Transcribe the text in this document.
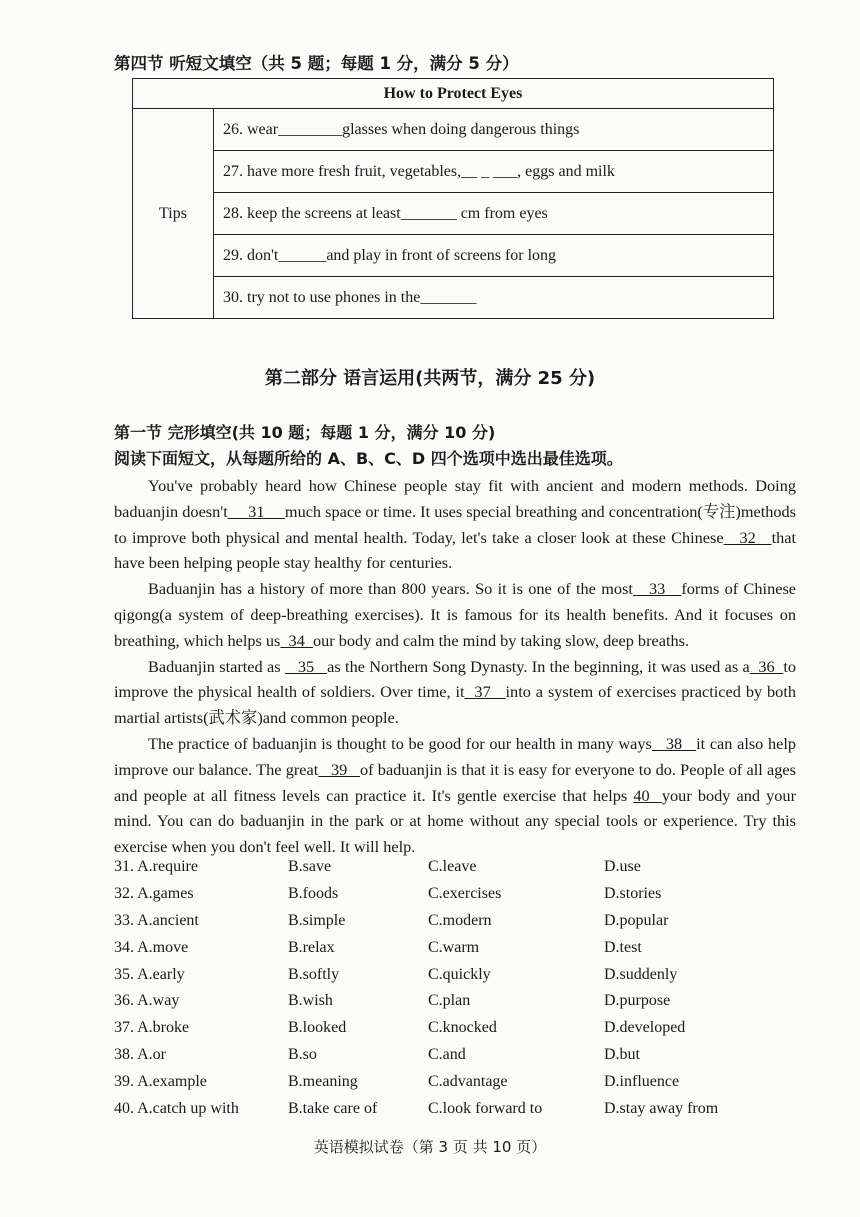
第四节 听短文填空（共 5 题；每题 1 分，满分 5 分）
How to Protect Eyes
Tips	26. wear________glasses when doing dangerous things
27. have more fresh fruit, vegetables,__ _ ___, eggs and milk
28. keep the screens at least_______ cm from eyes
29. don't______and play in front of screens for long
30. try not to use phones in the_______
第二部分 语言运用(共两节，满分 25 分)
第一节 完形填空(共 10 题；每题 1 分，满分 10 分)
阅读下面短文，从每题所给的 A、B、C、D 四个选项中选出最佳选项。

You've probably heard how Chinese people stay fit with ancient and modern methods. Doing baduanjin doesn't     31     much space or time. It uses special breathing and concentration(专注)methods to improve both physical and mental health. Today, let's take a closer look at these Chinese   32   that have been helping people stay healthy for centuries.

Baduanjin has a history of more than 800 years. So it is one of the most   33   forms of Chinese qigong(a system of deep-breathing exercises). It is famous for its health benefits. And it focuses on breathing, which helps us  34  our body and calm the mind by taking slow, deep breaths.

Baduanjin started as    35   as the Northern Song Dynasty. In the beginning, it was used as a  36  to improve the physical health of soldiers. Over time, it  37   into a system of exercises practiced by both martial artists(武术家)and common people.

The practice of baduanjin is thought to be good for our health in many ways   38   it can also help improve our balance. The great   39   of baduanjin is that it is easy for everyone to do. People of all ages and people at all fitness levels can practice it. It's gentle exercise that helps 40  your body and your mind. You can do baduanjin in the park or at home without any special tools or experience. Try this exercise when you don't feel well. It will help.

31. A.require	B.save	C.leave	D.use
32. A.games	B.foods	C.exercises	D.stories
33. A.ancient	B.simple	C.modern	D.popular
34. A.move	B.relax	C.warm	D.test
35. A.early	B.softly	C.quickly	D.suddenly
36. A.way	B.wish	C.plan	D.purpose
37. A.broke	B.looked	C.knocked	D.developed
38. A.or	B.so	C.and	D.but
39. A.example	B.meaning	C.advantage	D.influence
40. A.catch up with	B.take care of	C.look forward to	D.stay away from
英语模拟试卷（第 3 页 共 10 页）
